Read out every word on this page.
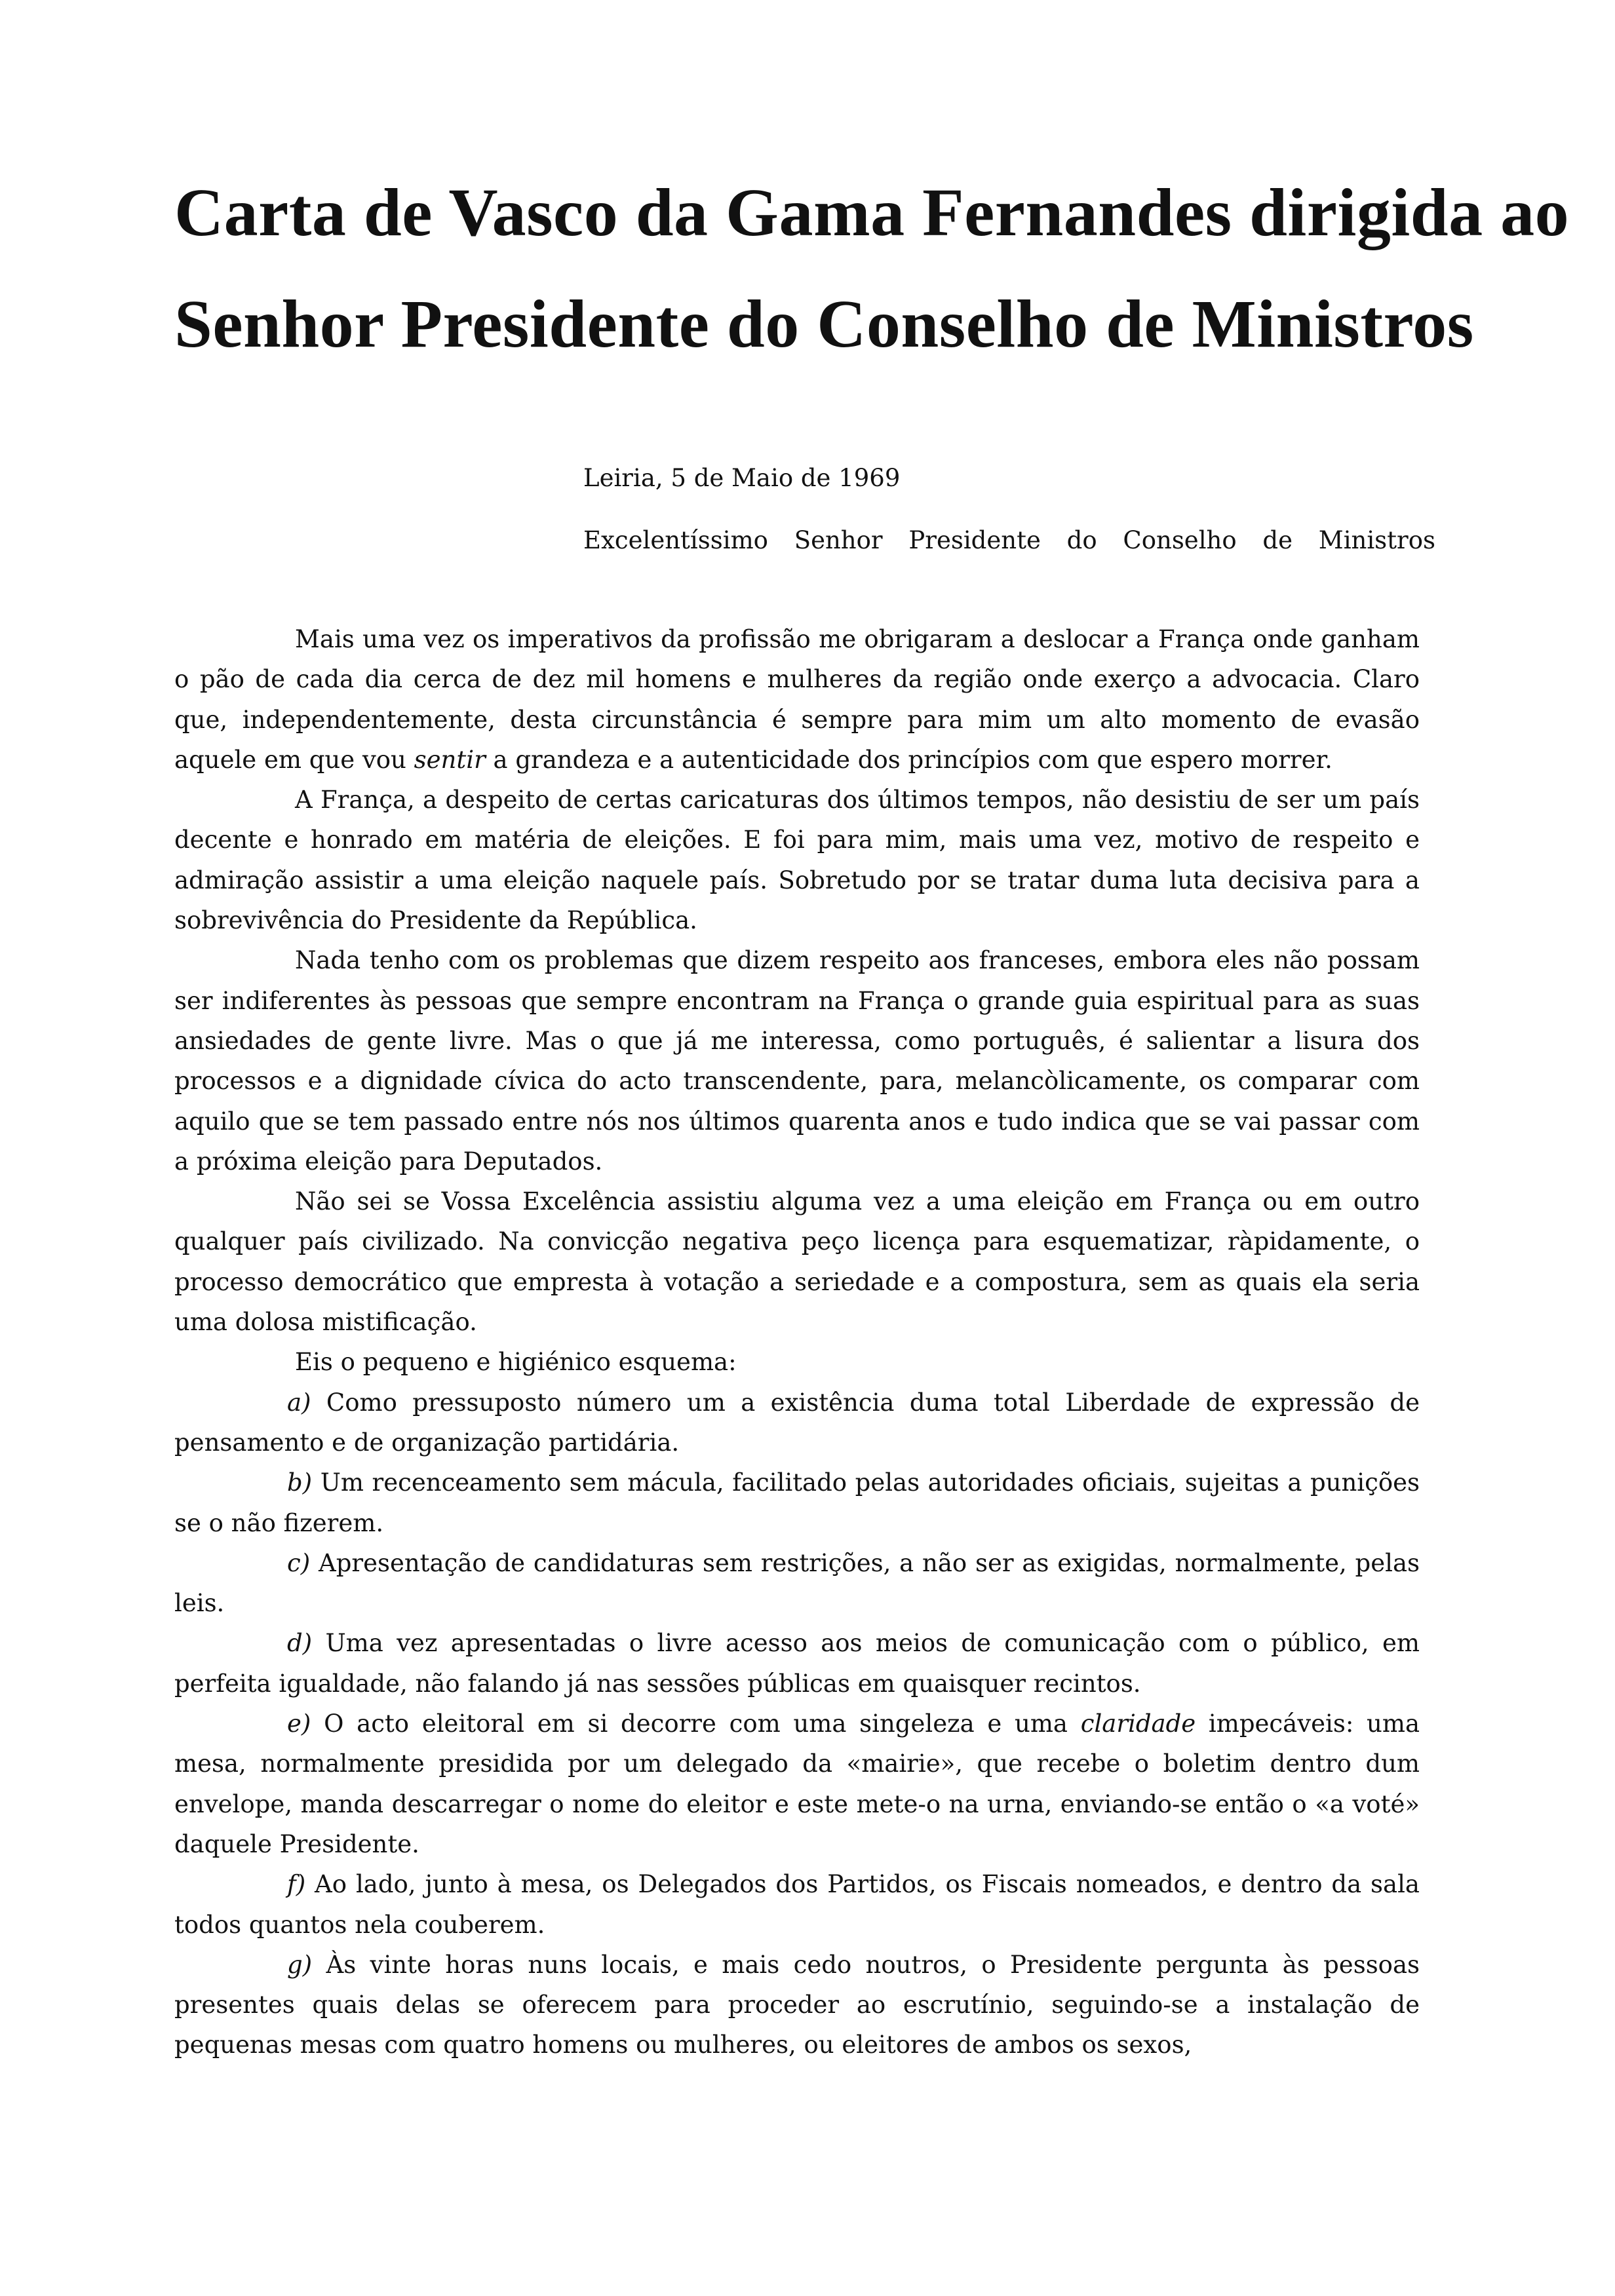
Carta de Vasco da Gama Fernandes dirigida ao
Senhor Presidente do Conselho de Ministros

Leiria, 5 de Maio de 1969

Excelentíssimo Senhor Presidente do Conselho de Ministros

Mais uma vez os imperativos da profissão me obrigaram a deslocar a França onde ganham o pão de cada dia cerca de dez mil homens e mulheres da região onde exerço a advocacia. Claro que, independentemente, desta circunstância é sempre para mim um alto momento de evasão aquele em que vou sentir a grandeza e a autenticidade dos princípios com que espero morrer.

A França, a despeito de certas caricaturas dos últimos tempos, não desistiu de ser um país decente e honrado em matéria de eleições. E foi para mim, mais uma vez, motivo de respeito e admiração assistir a uma eleição naquele país. Sobretudo por se tratar duma luta decisiva para a sobrevivência do Presidente da República.

Nada tenho com os problemas que dizem respeito aos franceses, embora eles não possam ser indiferentes às pessoas que sempre encontram na França o grande guia espiritual para as suas ansiedades de gente livre. Mas o que já me interessa, como português, é salientar a lisura dos processos e a dignidade cívica do acto transcendente, para, melancòlicamente, os comparar com aquilo que se tem passado entre nós nos últimos quarenta anos e tudo indica que se vai passar com a próxima eleição para Deputados.

Não sei se Vossa Excelência assistiu alguma vez a uma eleição em França ou em outro qualquer país civilizado. Na convicção negativa peço licença para esquematizar, ràpidamente, o processo democrático que empresta à votação a seriedade e a compostura, sem as quais ela seria uma dolosa mistificação.

Eis o pequeno e higiénico esquema:

a) Como pressuposto número um a existência duma total Liberdade de expressão de pensamento e de organização partidária.

b) Um recenceamento sem mácula, facilitado pelas autoridades oficiais, sujeitas a punições se o não fizerem.

c) Apresentação de candidaturas sem restrições, a não ser as exigidas, normalmente, pelas leis.

d) Uma vez apresentadas o livre acesso aos meios de comunicação com o público, em perfeita igualdade, não falando já nas sessões públicas em quaisquer recintos.

e) O acto eleitoral em si decorre com uma singeleza e uma claridade impecáveis: uma mesa, normalmente presidida por um delegado da «mairie», que recebe o boletim dentro dum envelope, manda descarregar o nome do eleitor e este mete-o na urna, enviando-se então o «a voté» daquele Presidente.

f) Ao lado, junto à mesa, os Delegados dos Partidos, os Fiscais nomeados, e dentro da sala todos quantos nela couberem.

g) Às vinte horas nuns locais, e mais cedo noutros, o Presidente pergunta às pessoas presentes quais delas se oferecem para proceder ao escrutínio, seguindo-se a instalação de pequenas mesas com quatro homens ou mulheres, ou eleitores de ambos os sexos,
